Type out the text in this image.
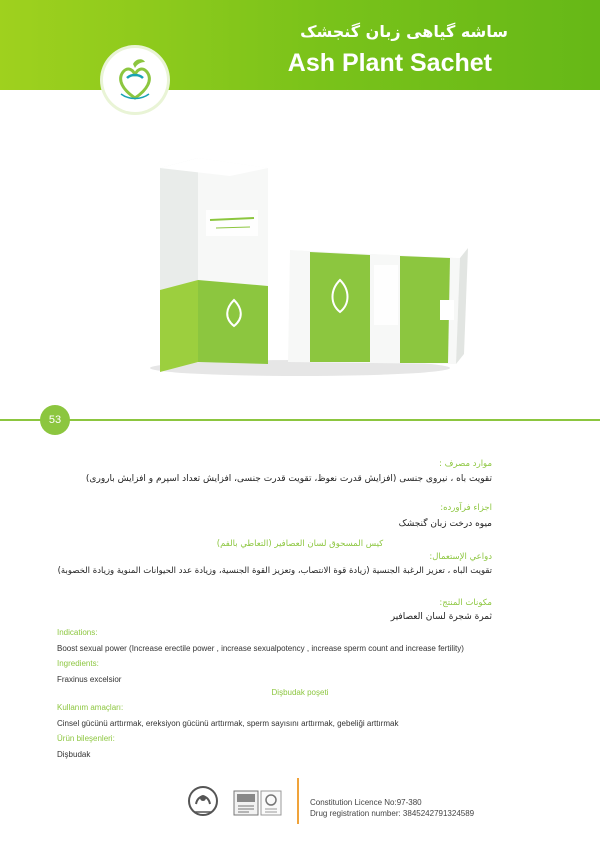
ساشه گیاهی زبان گنجشک
Ash Plant Sachet
53
موارد مصرف :
تقویت باه ، نیروی جنسی (افزایش قدرت نعوظ، تقویت قدرت جنسی، افزایش تعداد اسپرم و افزایش باروری)
اجزاء فرآورده:
میوه درخت زبان گنجشک
كيس المسحوق لسان العصافير (التعاطي بالفم)
دواعي الإستعمال:
تقويت الباه ، تعزيز الرغبة الجنسية (زيادة قوة الانتصاب، وتعزيز القوة الجنسية، وزيادة عدد الحيوانات المنوية وزيادة الخصوبة)
مكونات المنتج:
ثمرة شجرة لسان العصافير
Indications:
Boost sexual power (Increase erectile power , increase sexualpotency , increase sperm count and increase fertility)
Ingredients:
Fraxinus excelsior
Dişbudak poşeti
Kullanım amaçları:
Cinsel gücünü arttırmak, ereksiyon gücünü arttırmak, sperm sayısını arttırmak, gebeliği arttırmak
Ürün bileşenleri:
Dişbudak
Constitution Licence No:97-380
Drug registration number: 3845242791324589
